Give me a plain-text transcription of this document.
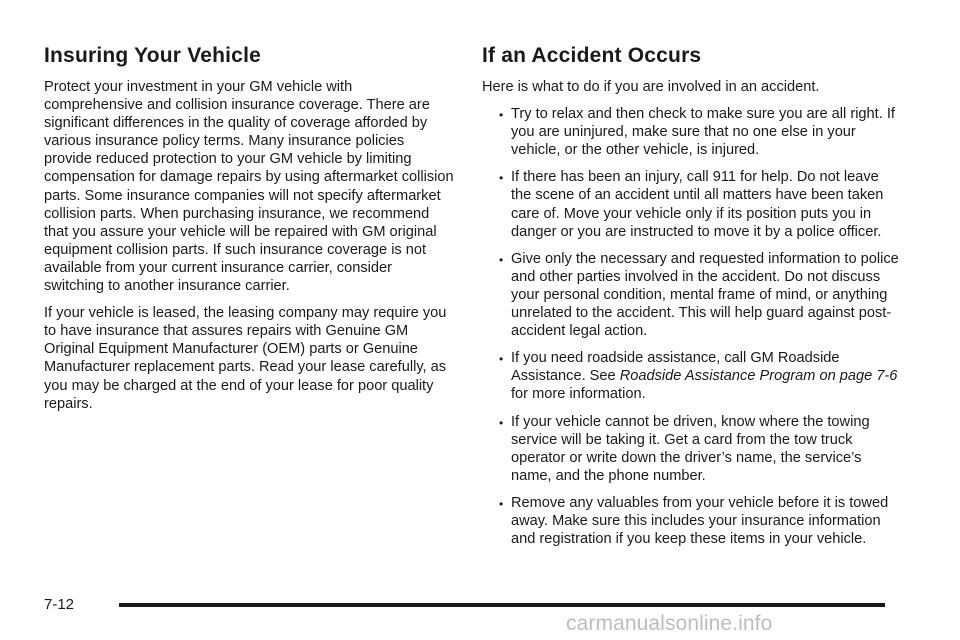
Insuring Your Vehicle

Protect your investment in your GM vehicle with comprehensive and collision insurance coverage. There are significant differences in the quality of coverage afforded by various insurance policy terms. Many insurance policies provide reduced protection to your GM vehicle by limiting compensation for damage repairs by using aftermarket collision parts. Some insurance companies will not specify aftermarket collision parts. When purchasing insurance, we recommend that you assure your vehicle will be repaired with GM original equipment collision parts. If such insurance coverage is not available from your current insurance carrier, consider switching to another insurance carrier.

If your vehicle is leased, the leasing company may require you to have insurance that assures repairs with Genuine GM Original Equipment Manufacturer (OEM) parts or Genuine Manufacturer replacement parts. Read your lease carefully, as you may be charged at the end of your lease for poor quality repairs.

If an Accident Occurs

Here is what to do if you are involved in an accident.

• Try to relax and then check to make sure you are all right. If you are uninjured, make sure that no one else in your vehicle, or the other vehicle, is injured.
• If there has been an injury, call 911 for help. Do not leave the scene of an accident until all matters have been taken care of. Move your vehicle only if its position puts you in danger or you are instructed to move it by a police officer.
• Give only the necessary and requested information to police and other parties involved in the accident. Do not discuss your personal condition, mental frame of mind, or anything unrelated to the accident. This will help guard against post-accident legal action.
• If you need roadside assistance, call GM Roadside Assistance. See Roadside Assistance Program on page 7-6 for more information.
• If your vehicle cannot be driven, know where the towing service will be taking it. Get a card from the tow truck operator or write down the driver’s name, the service’s name, and the phone number.
• Remove any valuables from your vehicle before it is towed away. Make sure this includes your insurance information and registration if you keep these items in your vehicle.
7-12
carmanualsonline.info
